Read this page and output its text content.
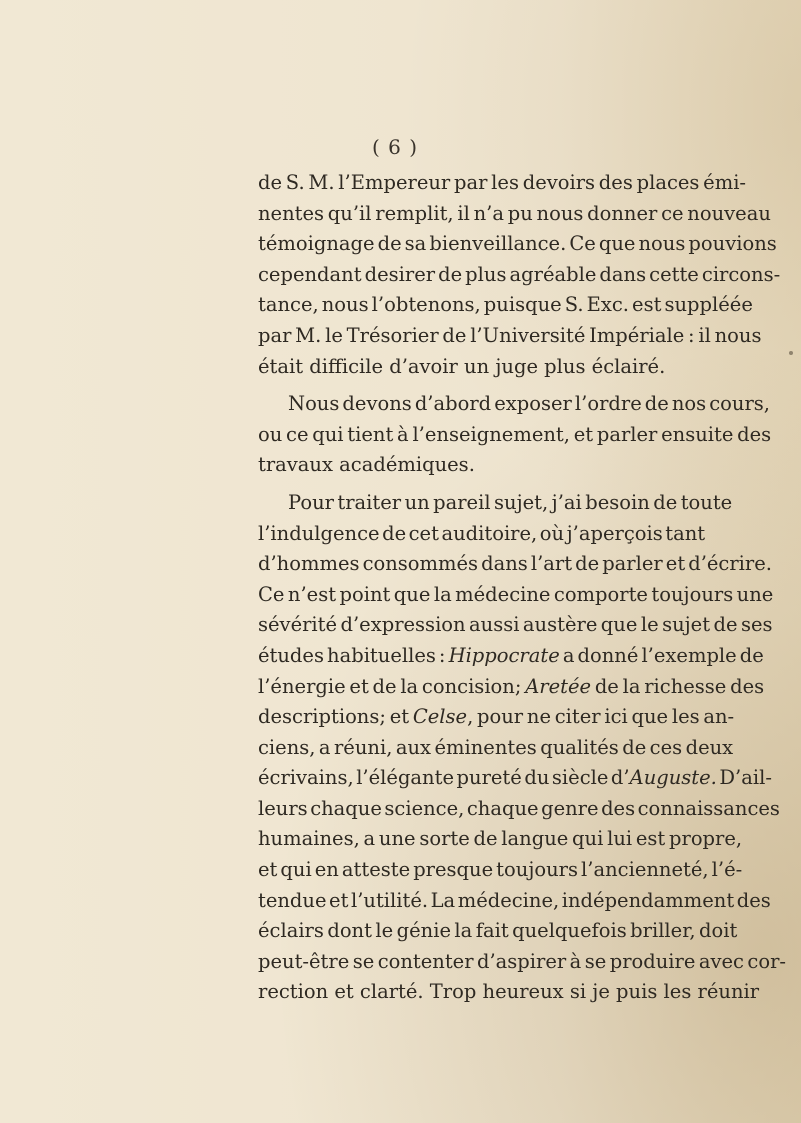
( 6 )
de S. M. l’Empereur par les devoirs des places émi-
nentes qu’il remplit, il n’a pu nous donner ce nouveau
témoignage de sa bienveillance. Ce que nous pouvions
cependant desirer de plus agréable dans cette circons-
tance, nous l’obtenons, puisque S. Exc. est suppléée
par M. le Trésorier de l’Université Impériale : il nous
était difficile d’avoir un juge plus éclairé.
Nous devons d’abord exposer l’ordre de nos cours,
ou ce qui tient à l’enseignement, et parler ensuite des
travaux académiques.
Pour traiter un pareil sujet, j’ai besoin de toute
l’indulgence de cet auditoire, où j’aperçois tant
d’hommes consommés dans l’art de parler et d’écrire.
Ce n’est point que la médecine comporte toujours une
sévérité d’expression aussi austère que le sujet de ses
études habituelles : Hippocrate a donné l’exemple de
l’énergie et de la concision; Aretée de la richesse des
descriptions; et Celse, pour ne citer ici que les an-
ciens, a réuni, aux éminentes qualités de ces deux
écrivains, l’élégante pureté du siècle d’Auguste. D’ail-
leurs chaque science, chaque genre des connaissances
humaines, a une sorte de langue qui lui est propre,
et qui en atteste presque toujours l’ancienneté, l’é-
tendue et l’utilité. La médecine, indépendamment des
éclairs dont le génie la fait quelquefois briller, doit
peut-être se contenter d’aspirer à se produire avec cor-
rection et clarté. Trop heureux si je puis les réunir
